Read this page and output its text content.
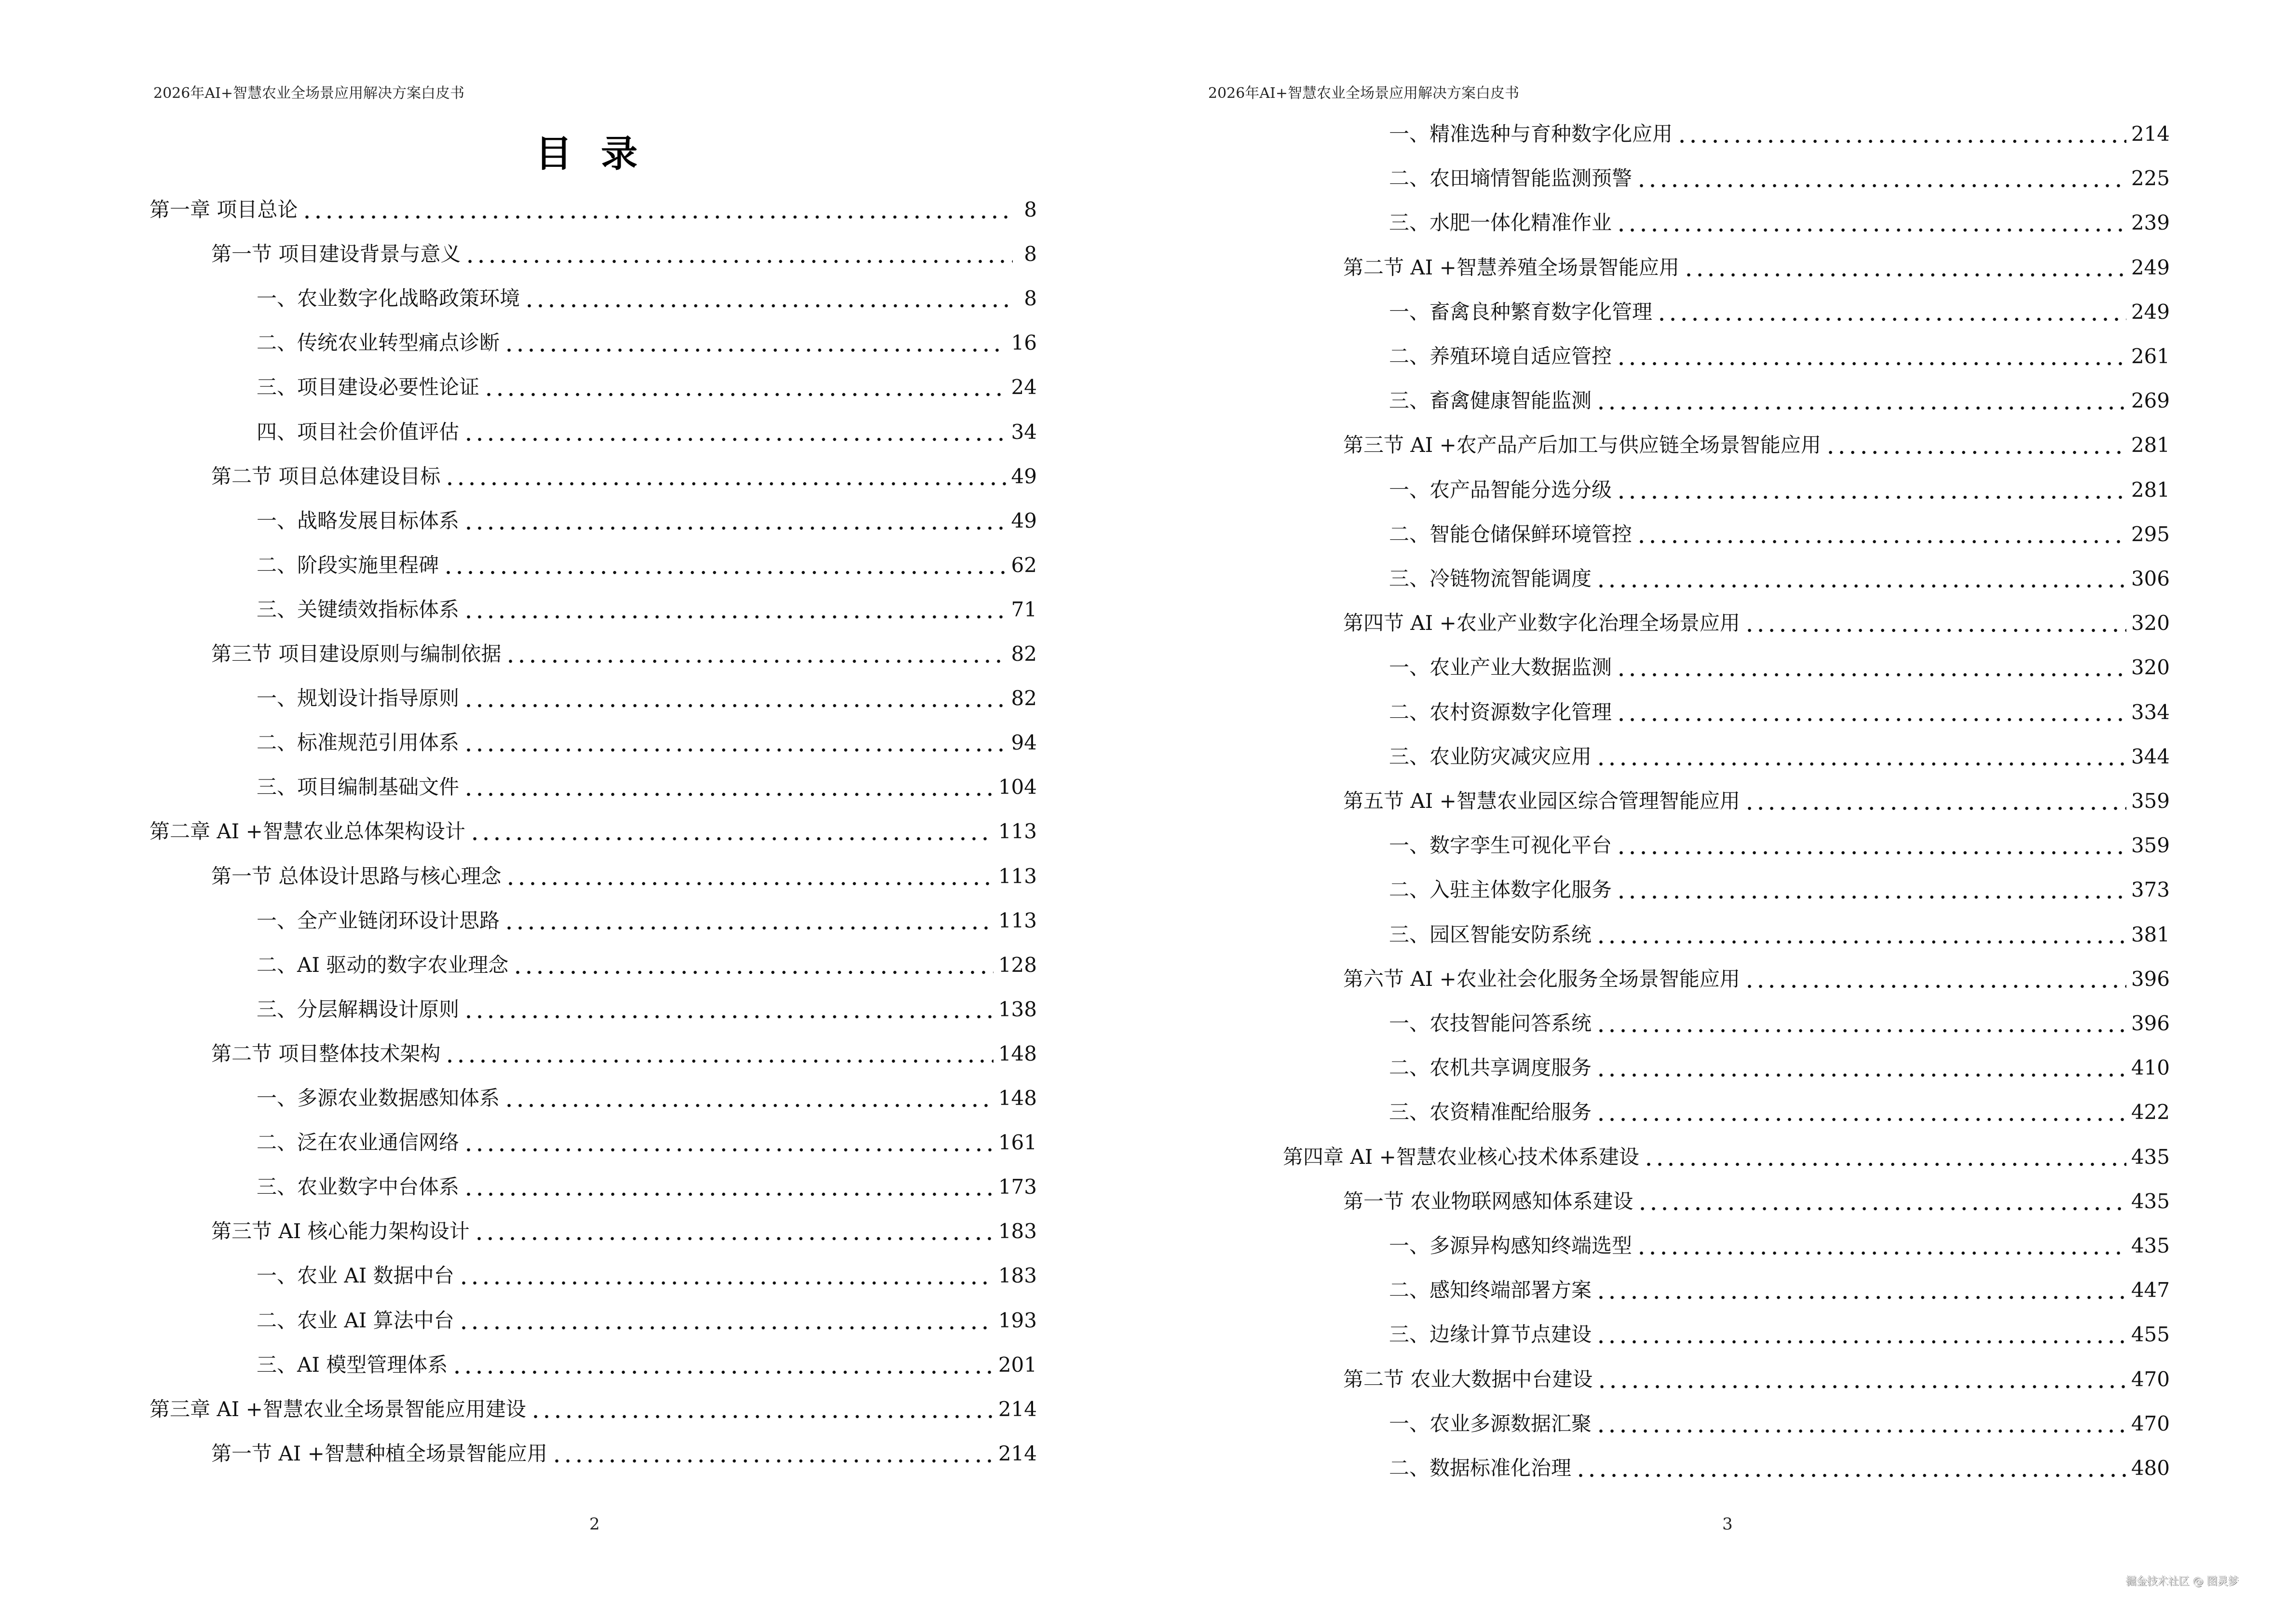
2026年AI+智慧农业全场景应用解决方案白皮书
目录
第一章 项目总论	8
第一节 项目建设背景与意义	8
一、农业数字化战略政策环境	8
二、传统农业转型痛点诊断	16
三、项目建设必要性论证	24
四、项目社会价值评估	34
第二节 项目总体建设目标	49
一、战略发展目标体系	49
二、阶段实施里程碑	62
三、关键绩效指标体系	71
第三节 项目建设原则与编制依据	82
一、规划设计指导原则	82
二、标准规范引用体系	94
三、项目编制基础文件	104
第二章 AI +智慧农业总体架构设计	113
第一节 总体设计思路与核心理念	113
一、全产业链闭环设计思路	113
二、AI 驱动的数字农业理念	128
三、分层解耦设计原则	138
第二节 项目整体技术架构	148
一、多源农业数据感知体系	148
二、泛在农业通信网络	161
三、农业数字中台体系	173
第三节 AI 核心能力架构设计	183
一、农业 AI 数据中台	183
二、农业 AI 算法中台	193
三、AI 模型管理体系	201
第三章 AI +智慧农业全场景智能应用建设	214
第一节 AI +智慧种植全场景智能应用	214
2
2026年AI+智慧农业全场景应用解决方案白皮书
一、精准选种与育种数字化应用	214
二、农田墒情智能监测预警	225
三、水肥一体化精准作业	239
第二节 AI +智慧养殖全场景智能应用	249
一、畜禽良种繁育数字化管理	249
二、养殖环境自适应管控	261
三、畜禽健康智能监测	269
第三节 AI +农产品产后加工与供应链全场景智能应用	281
一、农产品智能分选分级	281
二、智能仓储保鲜环境管控	295
三、冷链物流智能调度	306
第四节 AI +农业产业数字化治理全场景应用	320
一、农业产业大数据监测	320
二、农村资源数字化管理	334
三、农业防灾减灾应用	344
第五节 AI +智慧农业园区综合管理智能应用	359
一、数字孪生可视化平台	359
二、入驻主体数字化服务	373
三、园区智能安防系统	381
第六节 AI +农业社会化服务全场景智能应用	396
一、农技智能问答系统	396
二、农机共享调度服务	410
三、农资精准配给服务	422
第四章 AI +智慧农业核心技术体系建设	435
第一节 农业物联网感知体系建设	435
一、多源异构感知终端选型	435
二、感知终端部署方案	447
三、边缘计算节点建设	455
第二节 农业大数据中台建设	470
一、农业多源数据汇聚	470
二、数据标准化治理	480
3
掘金技术社区 @ 图灵梦
